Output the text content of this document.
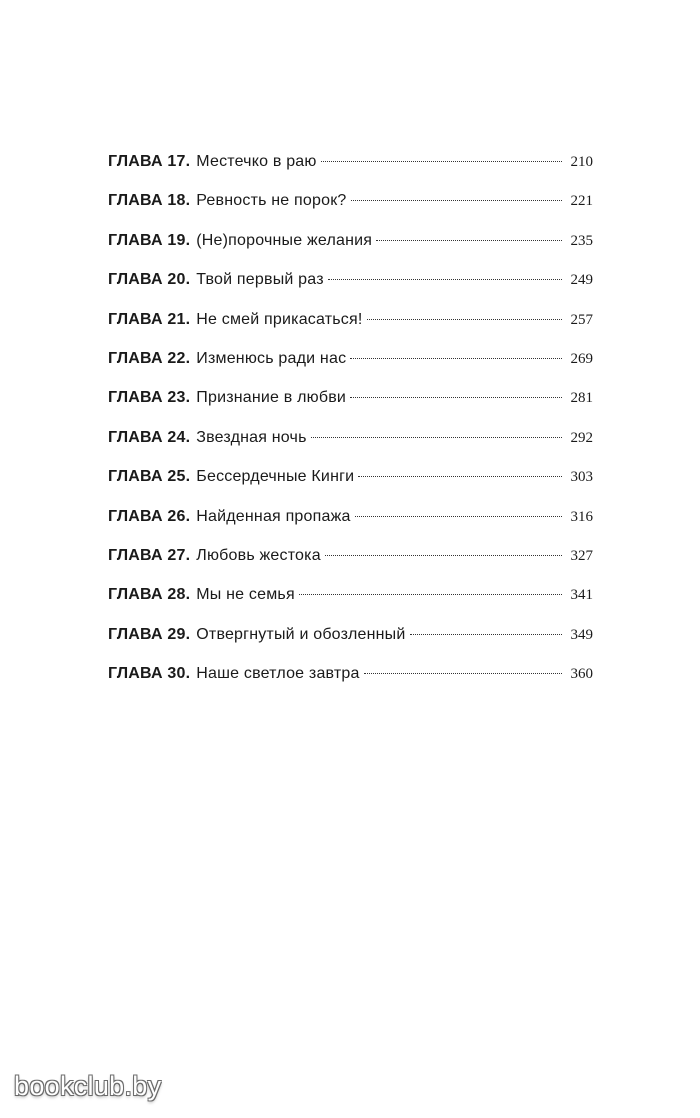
ГЛАВА 17. Местечко в раю	210
ГЛАВА 18. Ревность не порок?	221
ГЛАВА 19. (Не)порочные желания	235
ГЛАВА 20. Твой первый раз	249
ГЛАВА 21. Не смей прикасаться!	257
ГЛАВА 22. Изменюсь ради нас	269
ГЛАВА 23. Признание в любви	281
ГЛАВА 24. Звездная ночь	292
ГЛАВА 25. Бессердечные Кинги	303
ГЛАВА 26. Найденная пропажа	316
ГЛАВА 27. Любовь жестока	327
ГЛАВА 28. Мы не семья	341
ГЛАВА 29. Отвергнутый и обозленный	349
ГЛАВА 30. Наше светлое завтра	360
bookclub.by
